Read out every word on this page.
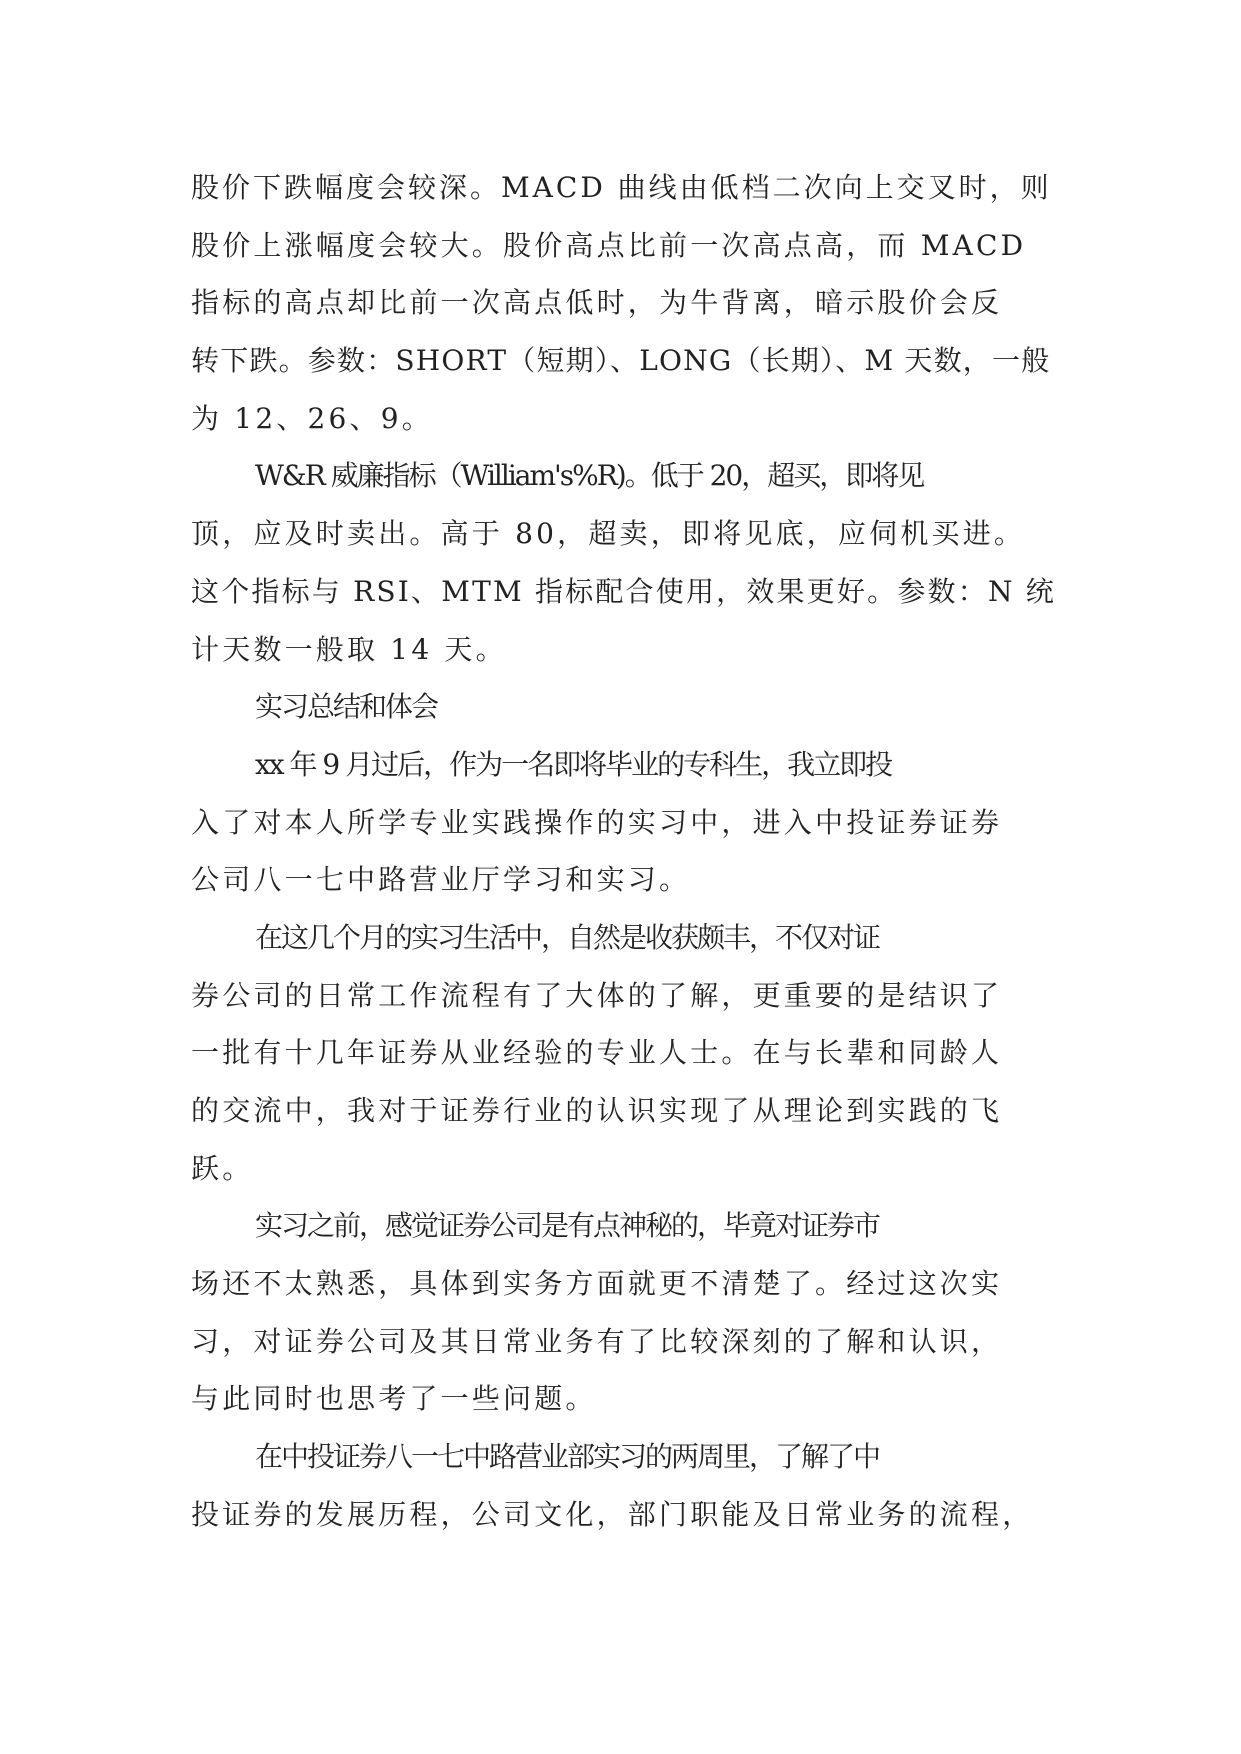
股价下跌幅度会较深。MACD 曲线由低档二次向上交叉时，则
股价上涨幅度会较大。股价高点比前一次高点高，而 MACD
指标的高点却比前一次高点低时，为牛背离，暗示股价会反
转下跌。参数：SHORT（短期）、LONG（长期）、M 天数，一般
为 12、26、9。
W&R 威廉指标（William's%R)。低于 20，超买，即将见
顶，应及时卖出。高于 80，超卖，即将见底，应伺机买进。
这个指标与 RSI、MTM 指标配合使用，效果更好。参数：N 统
计天数一般取 14 天。
实习总结和体会
xx 年 9 月过后，作为一名即将毕业的专科生，我立即投
入了对本人所学专业实践操作的实习中，进入中投证券证券
公司八一七中路营业厅学习和实习。
在这几个月的实习生活中，自然是收获颇丰，不仅对证
券公司的日常工作流程有了大体的了解，更重要的是结识了
一批有十几年证券从业经验的专业人士。在与长辈和同龄人
的交流中，我对于证券行业的认识实现了从理论到实践的飞
跃。
实习之前，感觉证券公司是有点神秘的，毕竟对证券市
场还不太熟悉，具体到实务方面就更不清楚了。经过这次实
习，对证券公司及其日常业务有了比较深刻的了解和认识，
与此同时也思考了一些问题。
在中投证券八一七中路营业部实习的两周里，了解了中
投证券的发展历程，公司文化，部门职能及日常业务的流程，
